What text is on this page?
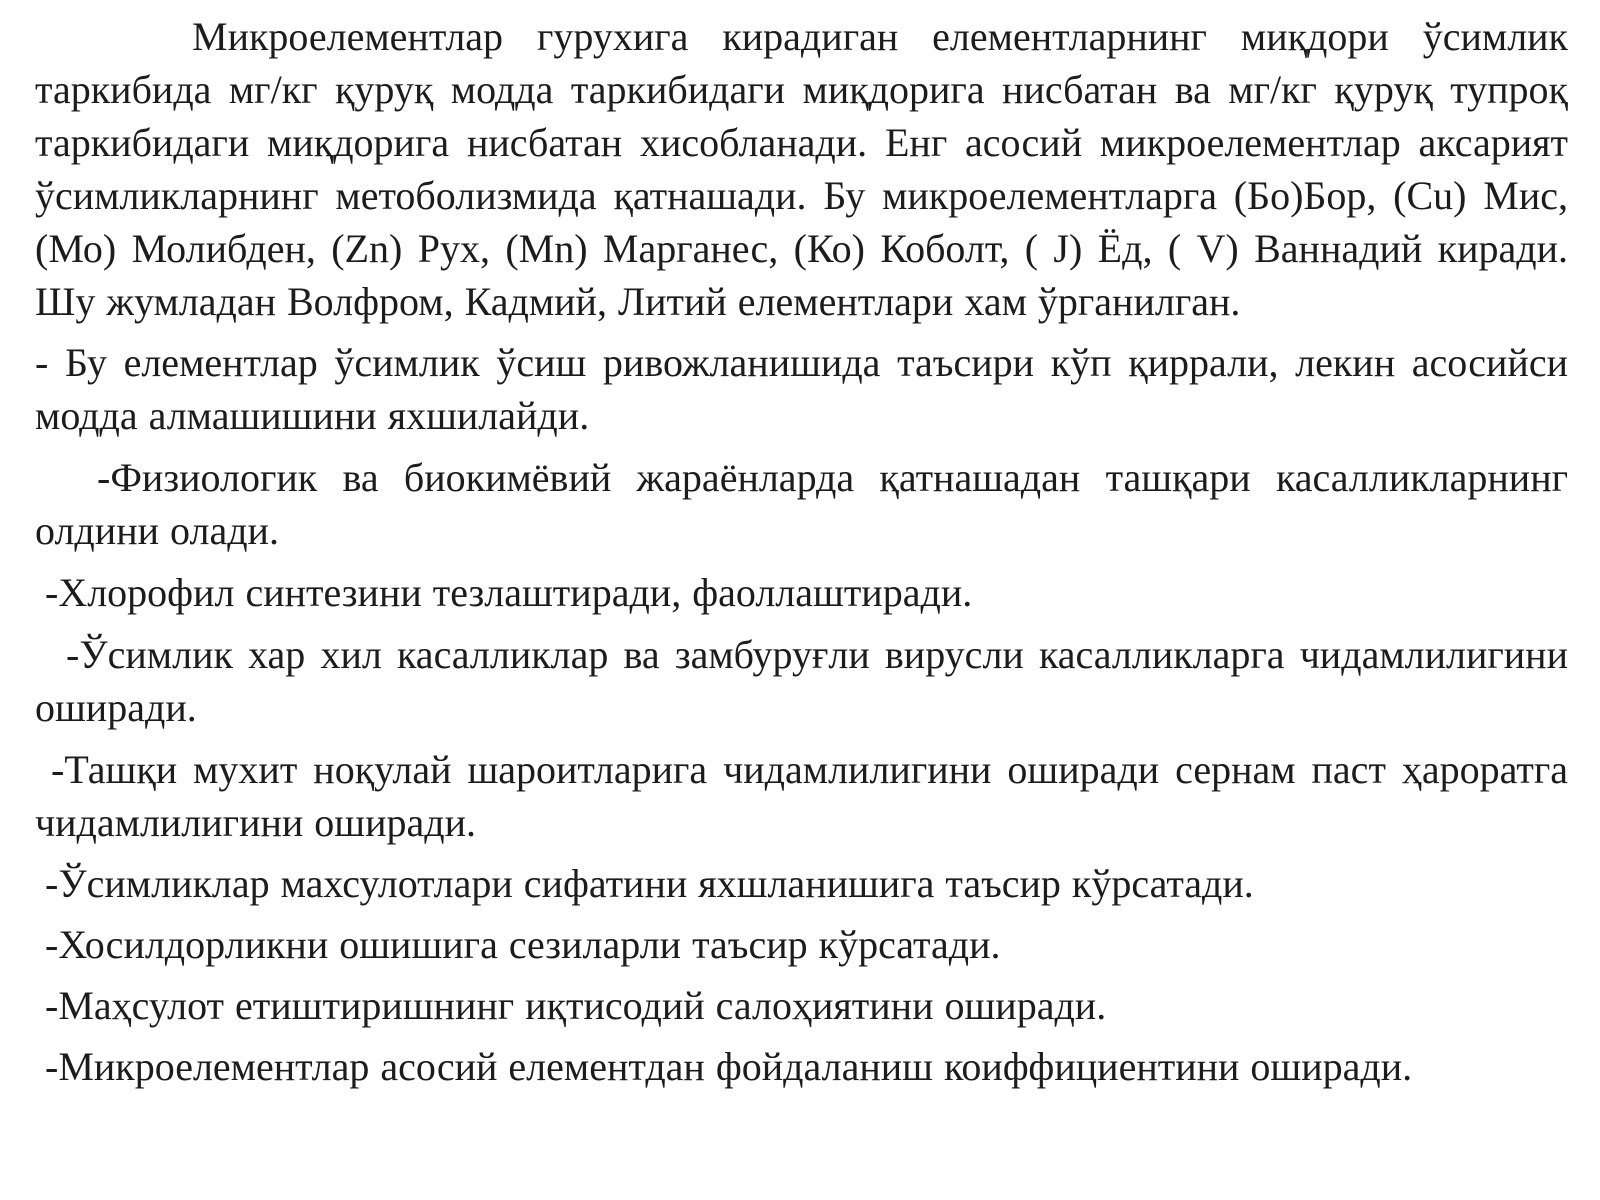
Микроелементлар гурухига кирадиган елементларнинг миқдори ўсимлик таркибида мг/кг қуруқ модда таркибидаги миқдорига нисбатан ва мг/кг қуруқ тупроқ таркибидаги миқдорига нисбатан хисобланади. Енг асосий микроелементлар аксарият ўсимликларнинг метоболизмида қатнашади. Бу микроелементларга (Бо)Бор, (Cu) Мис, (Мо) Молибден, (Zn) Рух, (Mn) Марганес, (Ко) Коболт, ( J) Ёд, ( V) Ваннадий киради. Шу жумладан Волфром, Кадмий, Литий елементлари хам ўрганилган.

- Бу елементлар ўсимлик ўсиш ривожланишида таъсири кўп қиррали, лекин асосийси модда алмашишини яхшилайди.

-Физиологик ва биокимёвий жараёнларда қатнашадан ташқари касалликларнинг олдини олади.

-Хлорофил синтезини тезлаштиради, фаоллаштиради.

-Ўсимлик хар хил касалликлар ва замбуруғли вирусли касалликларга чидамлилигини оширади.

-Ташқи мухит ноқулай шароитларига чидамлилигини оширади сернам паст ҳароратга чидамлилигини оширади.

-Ўсимликлар махсулотлари сифатини яхшланишига таъсир кўрсатади.

-Хосилдорликни ошишига сезиларли таъсир кўрсатади.

-Маҳсулот етиштиришнинг иқтисодий салоҳиятини оширади.

-Микроелементлар асосий елементдан фойдаланиш коиффициентини оширади.
